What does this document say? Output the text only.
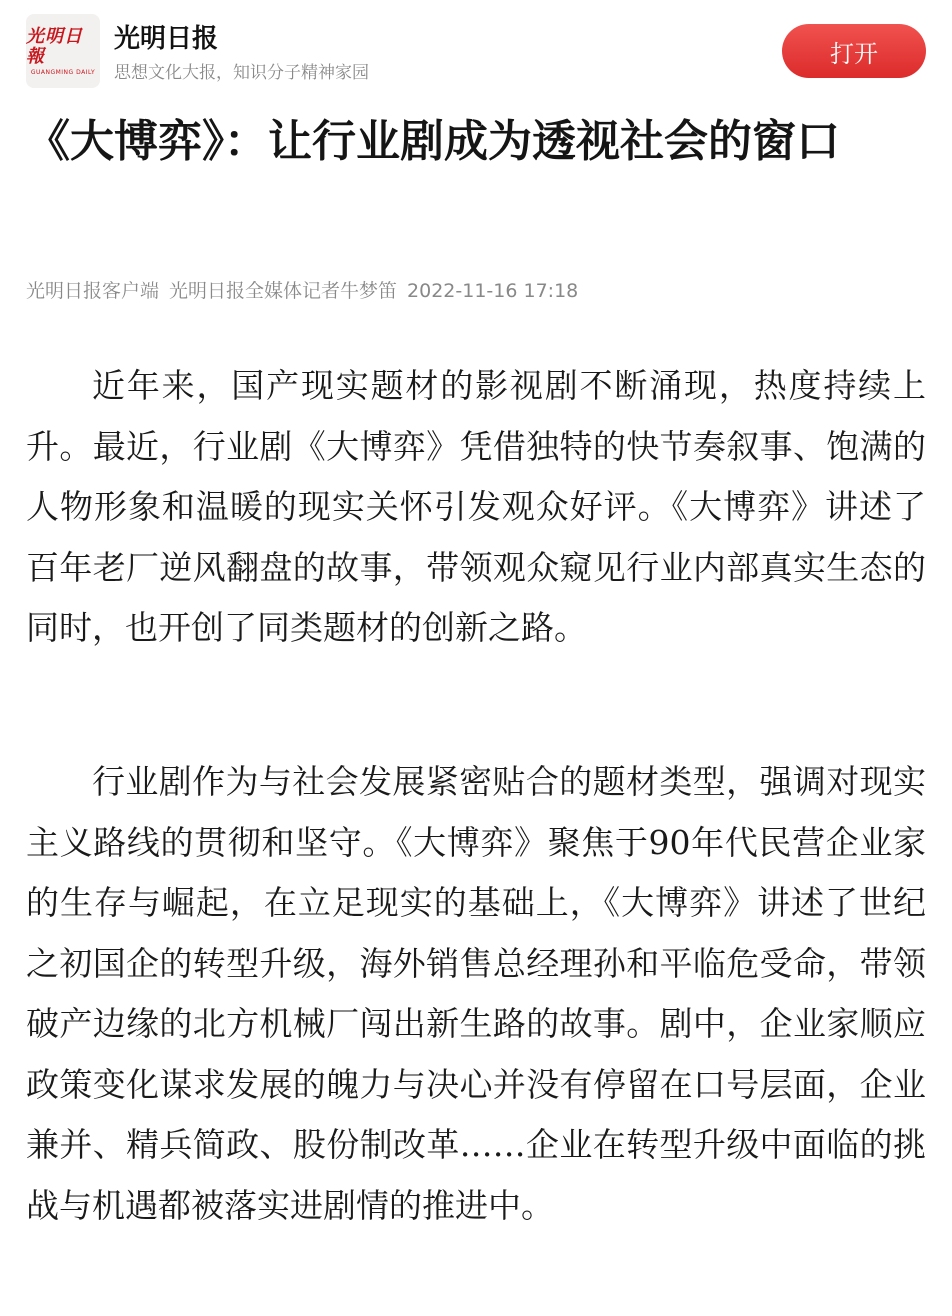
光明日報
GUANGMING DAILY
光明日报
思想文化大报，知识分子精神家园
打开
《大博弈》：让行业剧成为透视社会的窗口
光明日报客户端 光明日报全媒体记者牛梦笛 2022-11-16 17:18

近年来，国产现实题材的影视剧不断涌现，热度持续上升。最近，行业剧《大博弈》凭借独特的快节奏叙事、饱满的人物形象和温暖的现实关怀引发观众好评。《大博弈》讲述了百年老厂逆风翻盘的故事，带领观众窥见行业内部真实生态的同时，也开创了同类题材的创新之路。

行业剧作为与社会发展紧密贴合的题材类型，强调对现实主义路线的贯彻和坚守。《大博弈》聚焦于90年代民营企业家的生存与崛起，在立足现实的基础上，《大博弈》讲述了世纪之初国企的转型升级，海外销售总经理孙和平临危受命，带领破产边缘的北方机械厂闯出新生路的故事。剧中，企业家顺应政策变化谋求发展的魄力与决心并没有停留在口号层面，企业兼并、精兵简政、股份制改革……企业在转型升级中面临的挑战与机遇都被落实进剧情的推进中。
